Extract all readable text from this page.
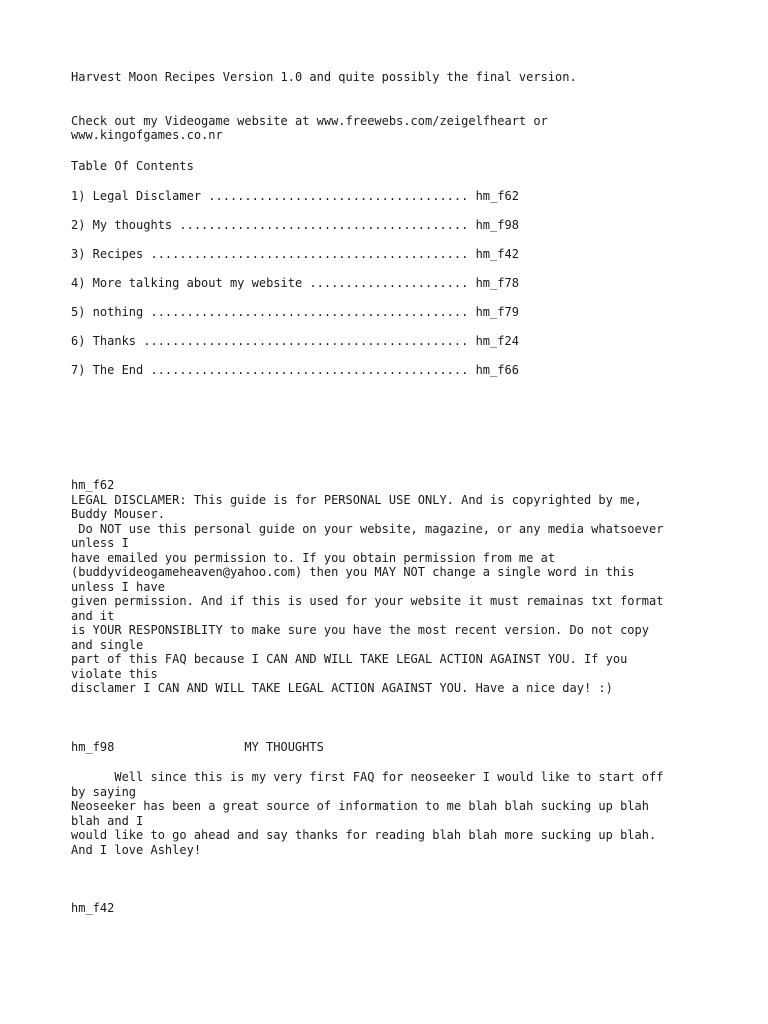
Harvest Moon Recipes Version 1.0 and quite possibly the final version.
Check out my Videogame website at www.freewebs.com/zeigelfheart or
www.kingofgames.co.nr
Table Of Contents
1) Legal Disclamer .................................... hm_f62
2) My thoughts ........................................ hm_f98
3) Recipes ............................................ hm_f42
4) More talking about my website ...................... hm_f78
5) nothing ............................................ hm_f79
6) Thanks ............................................. hm_f24
7) The End ............................................ hm_f66
hm_f62
LEGAL DISCLAMER: This guide is for PERSONAL USE ONLY. And is copyrighted by me,
Buddy Mouser.
Do NOT use this personal guide on your website, magazine, or any media whatsoever
unless I
have emailed you permission to. If you obtain permission from me at
(buddyvideogameheaven@yahoo.com) then you MAY NOT change a single word in this
unless I have
given permission. And if this is used for your website it must remainas txt format
and it
is YOUR RESPONSIBLITY to make sure you have the most recent version. Do not copy
and single
part of this FAQ because I CAN AND WILL TAKE LEGAL ACTION AGAINST YOU. If you
violate this
disclamer I CAN AND WILL TAKE LEGAL ACTION AGAINST YOU. Have a nice day! :)
hm_f98	MY THOUGHTS
Well since this is my very first FAQ for neoseeker I would like to start off
by saying
Neoseeker has been a great source of information to me blah blah sucking up blah
blah and I
would like to go ahead and say thanks for reading blah blah more sucking up blah.
And I love Ashley!
hm_f42
